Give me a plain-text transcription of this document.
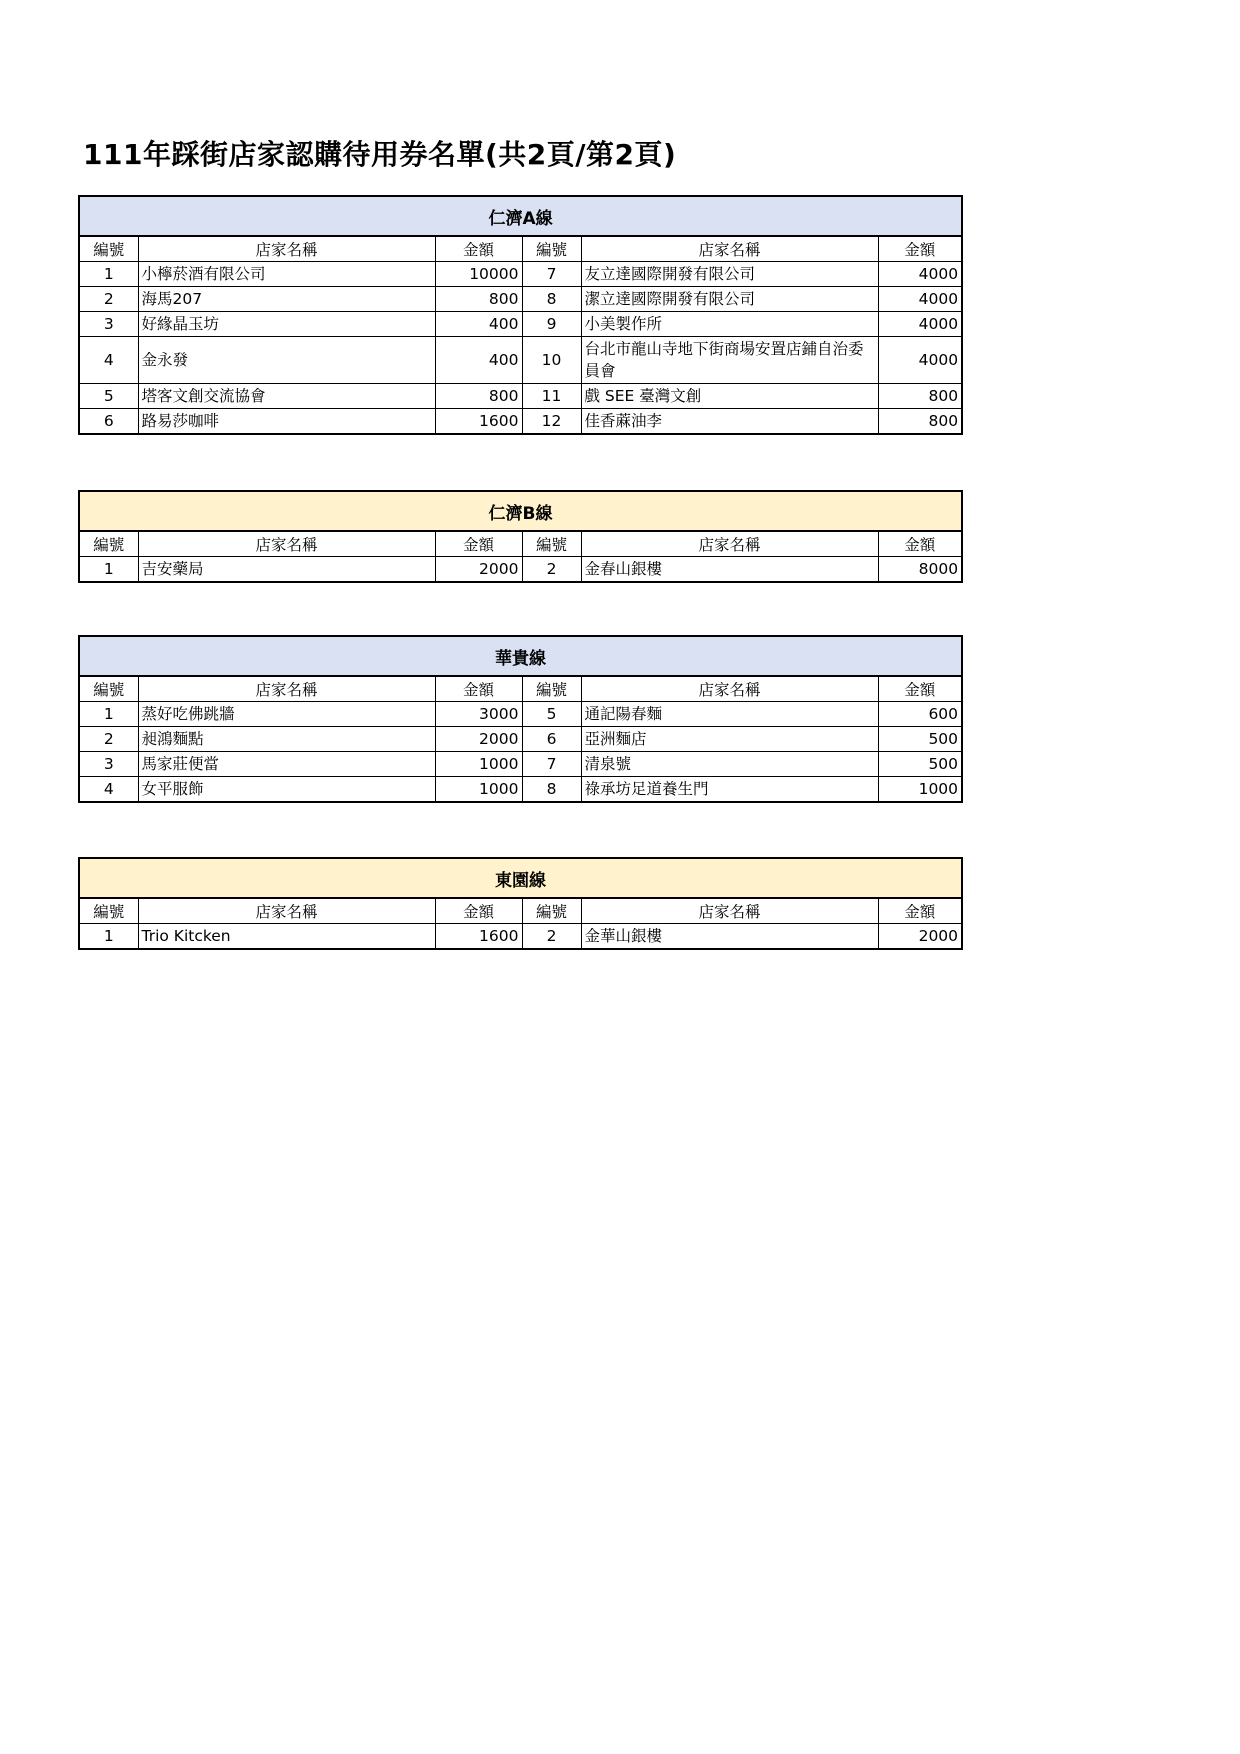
111年踩街店家認購待用券名單(共2頁/第2頁)
仁濟A線					
編號	店家名稱	金額	編號	店家名稱	金額
1	小檸菸酒有限公司	10000	7	友立達國際開發有限公司	4000
2	海馬207	800	8	潔立達國際開發有限公司	4000
3	好緣晶玉坊	400	9	小美製作所	4000
4	金永發	400	10	台北市龍山寺地下街商場安置店鋪自治委員會	4000
5	塔客文創交流協會	800	11	戲 SEE 臺灣文創	800
6	路易莎咖啡	1600	12	佳香蔴油李	800
仁濟B線					
編號	店家名稱	金額	編號	店家名稱	金額
1	吉安藥局	2000	2	金春山銀樓	8000
華貴線					
編號	店家名稱	金額	編號	店家名稱	金額
1	蒸好吃佛跳牆	3000	5	通記陽春麵	600
2	昶鴻麵點	2000	6	亞洲麵店	500
3	馬家莊便當	1000	7	清泉號	500
4	女平服飾	1000	8	祿承坊足道養生門	1000
東園線					
編號	店家名稱	金額	編號	店家名稱	金額
1	Trio Kitcken	1600	2	金華山銀樓	2000
